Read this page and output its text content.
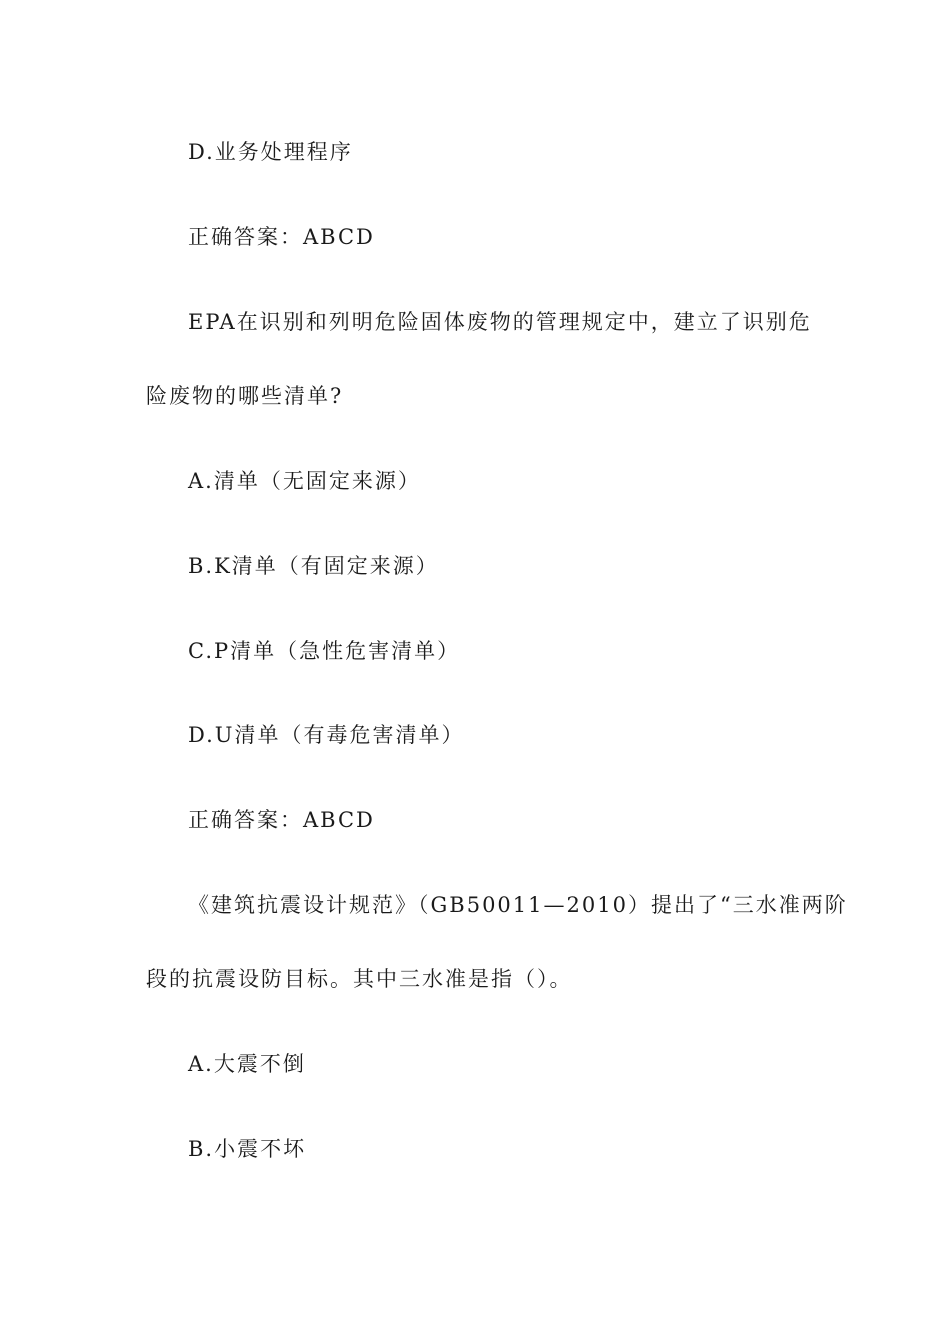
D.业务处理程序
正确答案：ABCD
EPA在识别和列明危险固体废物的管理规定中，建立了识别危
险废物的哪些清单?
A.清单（无固定来源）
B.K清单（有固定来源）
C.P清单（急性危害清单）
D.U清单（有毒危害清单）
正确答案：ABCD
《建筑抗震设计规范》（GB50011—2010）提出了“三水准两阶
段的抗震设防目标。其中三水准是指（）。
A.大震不倒
B.小震不坏
